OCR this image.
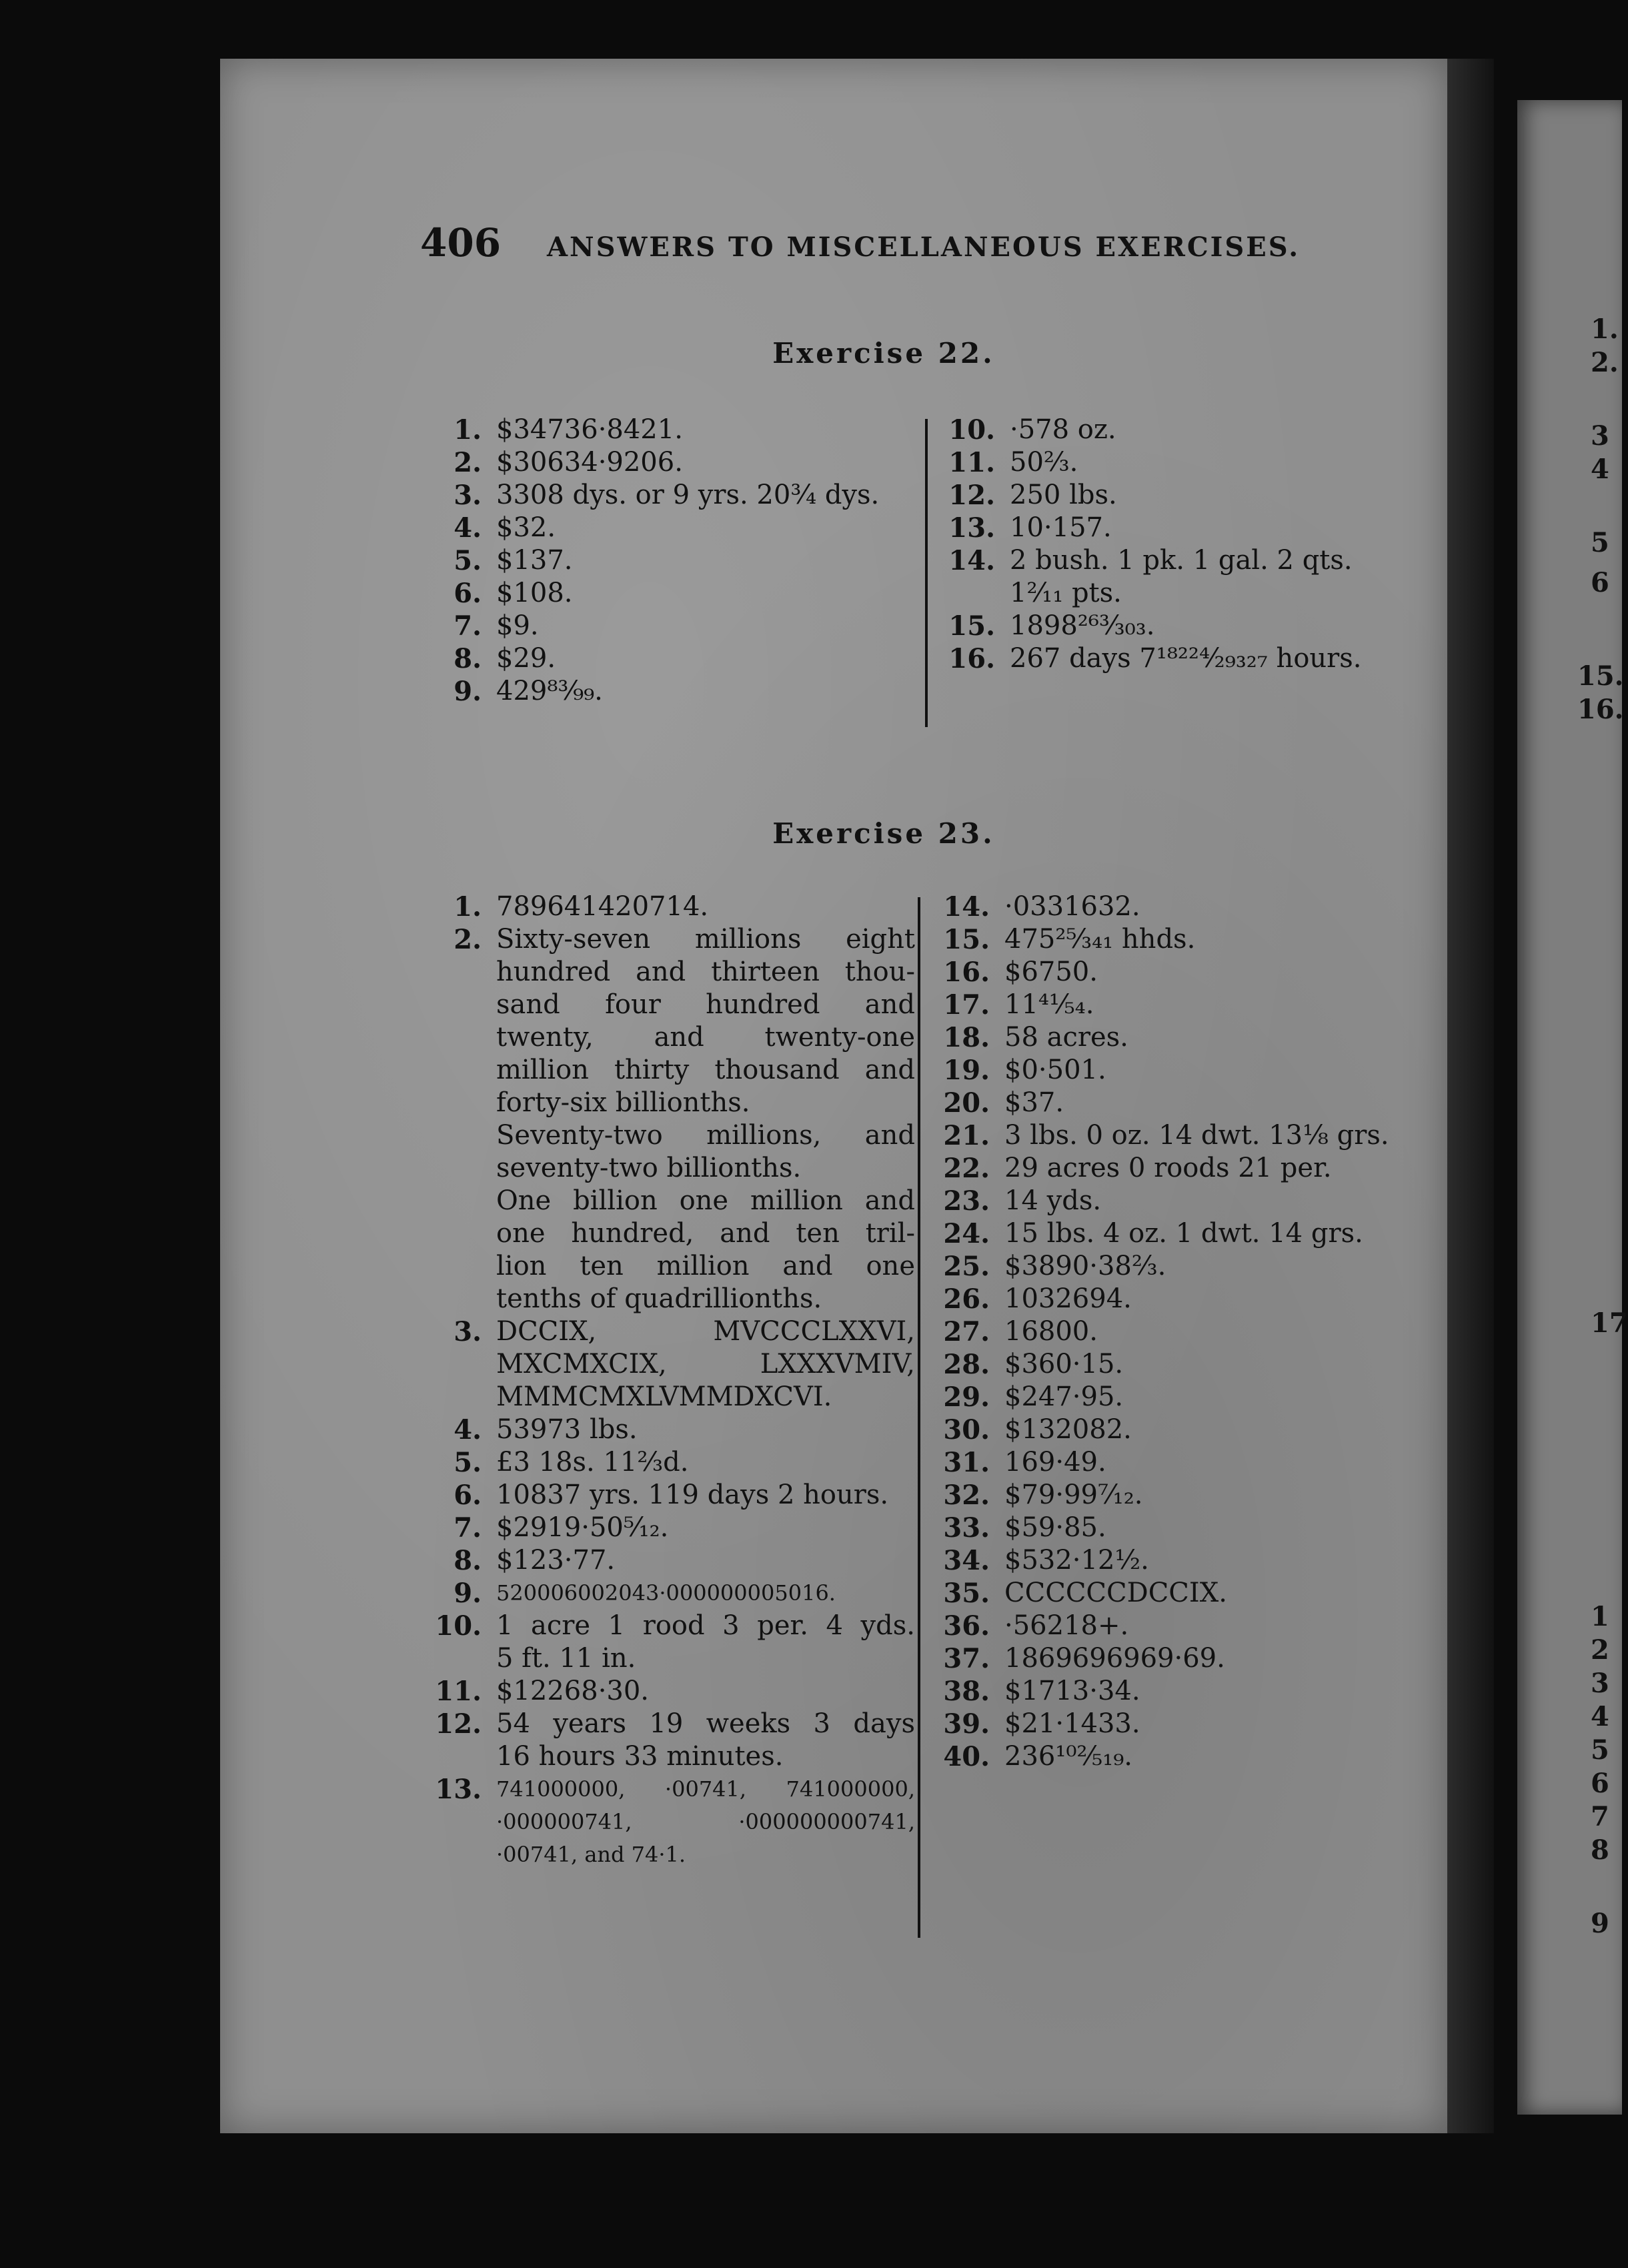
1.
2.
3
4
5
6
15.
16.
17
1
2
3
4
5
6
7
8
9
406	ANSWERS TO MISCELLANEOUS EXERCISES.
Exercise 22.
1. $34736·8421.
2. $30634·9206.
3. 3308 dys. or 9 yrs. 20¾ dys.
4. $32.
5. $137.
6. $108.
7. $9.
8. $29.
9. 429⁸³⁄₉₉.
10. ·578 oz.
11. 50⅔.
12. 250 lbs.
13. 10·157.
14. 2 bush. 1 pk. 1 gal. 2 qts.
1²⁄₁₁ pts.
15. 1898²⁶³⁄₃₀₃.
16. 267 days 7¹⁸²²⁴⁄₂₉₃₂₇ hours.
Exercise 23.
1. 789641420714.
2. Sixty-seven millions eight
hundred and thirteen thou-
sand four hundred and
twenty, and twenty-one
million thirty thousand and
forty-six billionths.
Seventy-two millions, and
seventy-two billionths.
One billion one million and
one hundred, and ten tril-
lion ten million and one
tenths of quadrillionths.
3. DCCIX, MVCCCLXXVI,
MXCMXCIX, LXXXVMIV,
MMMCMXLVMMDXCVI.
4. 53973 lbs.
5. £3 18s. 11⅔d.
6. 10837 yrs. 119 days 2 hours.
7. $2919·50⁵⁄₁₂.
8. $123·77.
9. 520006002043·000000005016.
10. 1 acre 1 rood 3 per. 4 yds.
5 ft. 11 in.
11. $12268·30.
12. 54 years 19 weeks 3 days
16 hours 33 minutes.
13. 741000000, ·00741, 741000000,
·000000741, ·000000000741,
·00741, and 74·1.
14. ·0331632.
15. 475²⁵⁄₃₄₁ hhds.
16. $6750.
17. 11⁴¹⁄₅₄.
18. 58 acres.
19. $0·501.
20. $37.
21. 3 lbs. 0 oz. 14 dwt. 13⅛ grs.
22. 29 acres 0 roods 21 per.
23. 14 yds.
24. 15 lbs. 4 oz. 1 dwt. 14 grs.
25. $3890·38⅔.
26. 1032694.
27. 16800.
28. $360·15.
29. $247·95.
30. $132082.
31. 169·49.
32. $79·99⁷⁄₁₂.
33. $59·85.
34. $532·12½.
35. CCCCCCDCCIX.
36. ·56218+.
37. 1869696969·69.
38. $1713·34.
39. $21·1433.
40. 236¹⁰²⁄₅₁₉.
